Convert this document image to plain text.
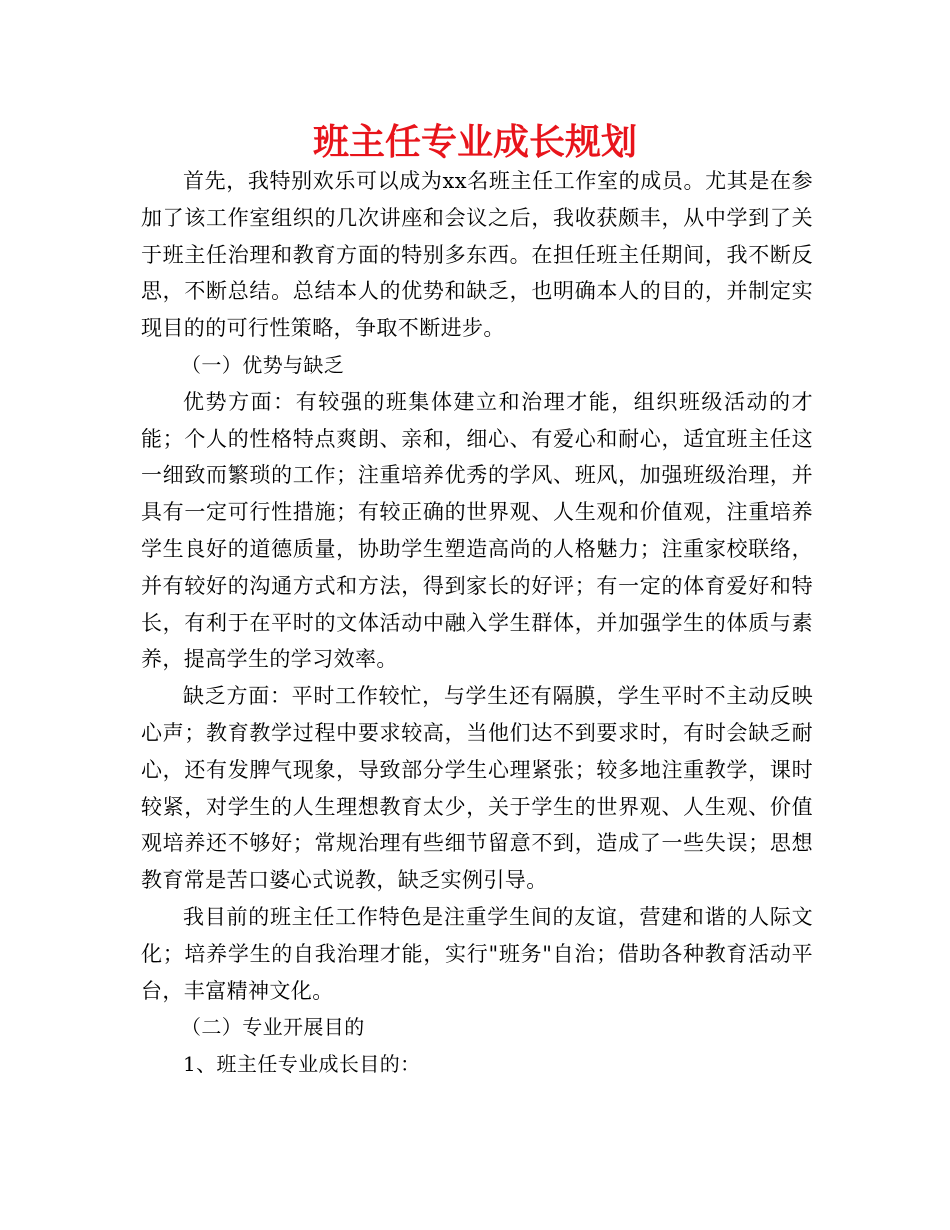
班主任专业成长规划

首先，我特别欢乐可以成为xx名班主任工作室的成员。尤其是在参加了该工作室组织的几次讲座和会议之后，我收获颇丰，从中学到了关于班主任治理和教育方面的特别多东西。在担任班主任期间，我不断反思，不断总结。总结本人的优势和缺乏，也明确本人的目的，并制定实现目的的可行性策略，争取不断进步。

（一）优势与缺乏

优势方面：有较强的班集体建立和治理才能，组织班级活动的才能；个人的性格特点爽朗、亲和，细心、有爱心和耐心，适宜班主任这一细致而繁琐的工作；注重培养优秀的学风、班风，加强班级治理，并具有一定可行性措施；有较正确的世界观、人生观和价值观，注重培养学生良好的道德质量，协助学生塑造高尚的人格魅力；注重家校联络，并有较好的沟通方式和方法，得到家长的好评；有一定的体育爱好和特长，有利于在平时的文体活动中融入学生群体，并加强学生的体质与素养，提高学生的学习效率。

缺乏方面：平时工作较忙，与学生还有隔膜，学生平时不主动反映心声；教育教学过程中要求较高，当他们达不到要求时，有时会缺乏耐心，还有发脾气现象，导致部分学生心理紧张；较多地注重教学，课时较紧，对学生的人生理想教育太少，关于学生的世界观、人生观、价值观培养还不够好；常规治理有些细节留意不到，造成了一些失误；思想教育常是苦口婆心式说教，缺乏实例引导。

我目前的班主任工作特色是注重学生间的友谊，营建和谐的人际文化；培养学生的自我治理才能，实行"班务"自治；借助各种教育活动平台，丰富精神文化。

（二）专业开展目的

1、班主任专业成长目的：
